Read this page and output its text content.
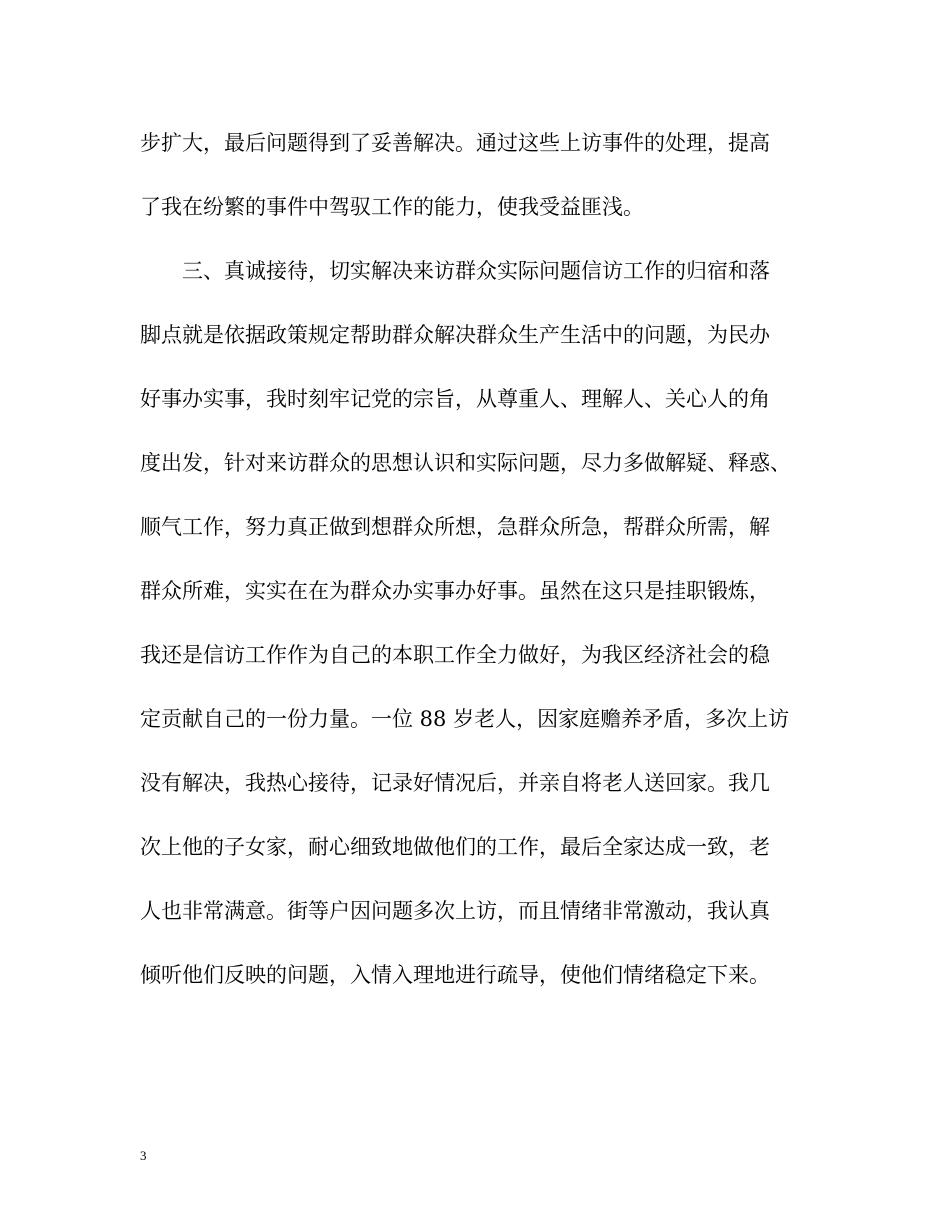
步扩大，最后问题得到了妥善解决。通过这些上访事件的处理，提高
了我在纷繁的事件中驾驭工作的能力，使我受益匪浅。
三、真诚接待，切实解决来访群众实际问题信访工作的归宿和落
脚点就是依据政策规定帮助群众解决群众生产生活中的问题，为民办
好事办实事，我时刻牢记党的宗旨，从尊重人、理解人、关心人的角
度出发，针对来访群众的思想认识和实际问题，尽力多做解疑、释惑、
顺气工作，努力真正做到想群众所想，急群众所急，帮群众所需，解
群众所难，实实在在为群众办实事办好事。虽然在这只是挂职锻炼，
我还是信访工作作为自己的本职工作全力做好，为我区经济社会的稳
定贡献自己的一份力量。一位 88 岁老人，因家庭赡养矛盾，多次上访
没有解决，我热心接待，记录好情况后，并亲自将老人送回家。我几
次上他的子女家，耐心细致地做他们的工作，最后全家达成一致，老
人也非常满意。街等户因问题多次上访，而且情绪非常激动，我认真
倾听他们反映的问题，入情入理地进行疏导，使他们情绪稳定下来。
3
